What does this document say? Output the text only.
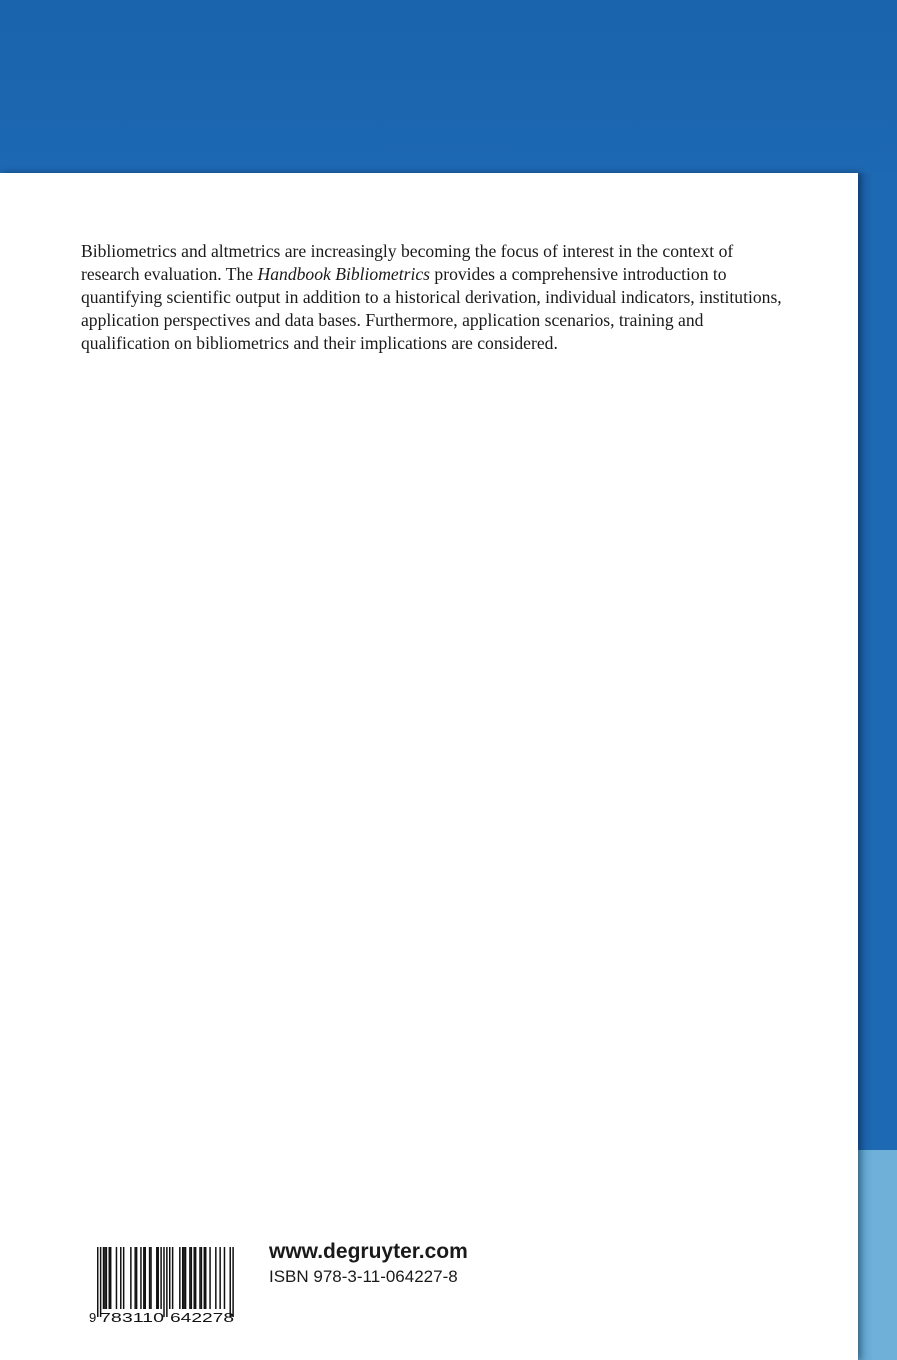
Bibliometrics and altmetrics are increasingly becoming the focus of interest in the context of research evaluation. The Handbook Bibliometrics provides a comprehensive introduction to quantifying scientific output in addition to a historical derivation, individual indicators, institutions, application perspectives and data bases. Furthermore, application scenarios, training and qualification on bibliometrics and their implications are considered.

9 783110 642278
www.degruyter.com
ISBN 978-3-11-064227-8
